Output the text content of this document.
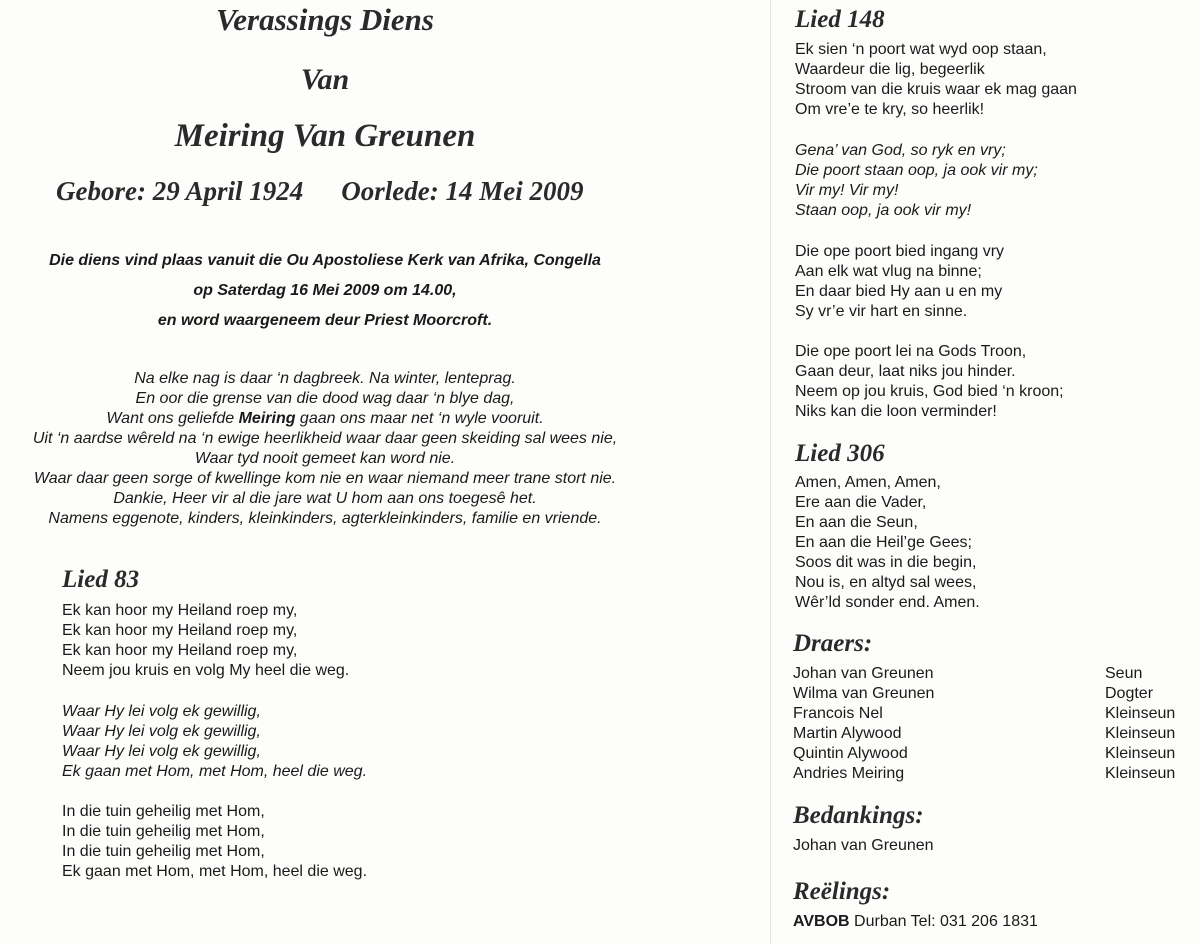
Verassings Diens
Van
Meiring Van Greunen
Gebore: 29 April 1924 Oorlede: 14 Mei 2009
Die diens vind plaas vanuit die Ou Apostoliese Kerk van Afrika, Congella
op Saterdag 16 Mei 2009 om 14.00,
en word waargeneem deur Priest Moorcroft.
Na elke nag is daar ‘n dagbreek. Na winter, lenteprag.
En oor die grense van die dood wag daar ‘n blye dag,
Want ons geliefde Meiring gaan ons maar net ‘n wyle vooruit.
Uit ‘n aardse wêreld na ‘n ewige heerlikheid waar daar geen skeiding sal wees nie,
Waar tyd nooit gemeet kan word nie.
Waar daar geen sorge of kwellinge kom nie en waar niemand meer trane stort nie.
Dankie, Heer vir al die jare wat U hom aan ons toegesê het.
Namens eggenote, kinders, kleinkinders, agterkleinkinders, familie en vriende.
Lied 83
Ek kan hoor my Heiland roep my,
Ek kan hoor my Heiland roep my,
Ek kan hoor my Heiland roep my,
Neem jou kruis en volg My heel die weg.
Waar Hy lei volg ek gewillig,
Waar Hy lei volg ek gewillig,
Waar Hy lei volg ek gewillig,
Ek gaan met Hom, met Hom, heel die weg.
In die tuin geheilig met Hom,
In die tuin geheilig met Hom,
In die tuin geheilig met Hom,
Ek gaan met Hom, met Hom, heel die weg.
Lied 148
Ek sien ‘n poort wat wyd oop staan,
Waardeur die lig, begeerlik
Stroom van die kruis waar ek mag gaan
Om vre’e te kry, so heerlik!
Gena’ van God, so ryk en vry;
Die poort staan oop, ja ook vir my;
Vir my! Vir my!
Staan oop, ja ook vir my!
Die ope poort bied ingang vry
Aan elk wat vlug na binne;
En daar bied Hy aan u en my
Sy vr’e vir hart en sinne.
Die ope poort lei na Gods Troon,
Gaan deur, laat niks jou hinder.
Neem op jou kruis, God bied ‘n kroon;
Niks kan die loon verminder!
Lied 306
Amen, Amen, Amen,
Ere aan die Vader,
En aan die Seun,
En aan die Heil’ge Gees;
Soos dit was in die begin,
Nou is, en altyd sal wees,
Wêr’ld sonder end. Amen.
Draers:
Johan van Greunen	Seun
Wilma van Greunen	Dogter
Francois Nel	Kleinseun
Martin Alywood	Kleinseun
Quintin Alywood	Kleinseun
Andries Meiring	Kleinseun
Bedankings:
Johan van Greunen
Reëlings:
AVBOB Durban Tel: 031 206 1831
